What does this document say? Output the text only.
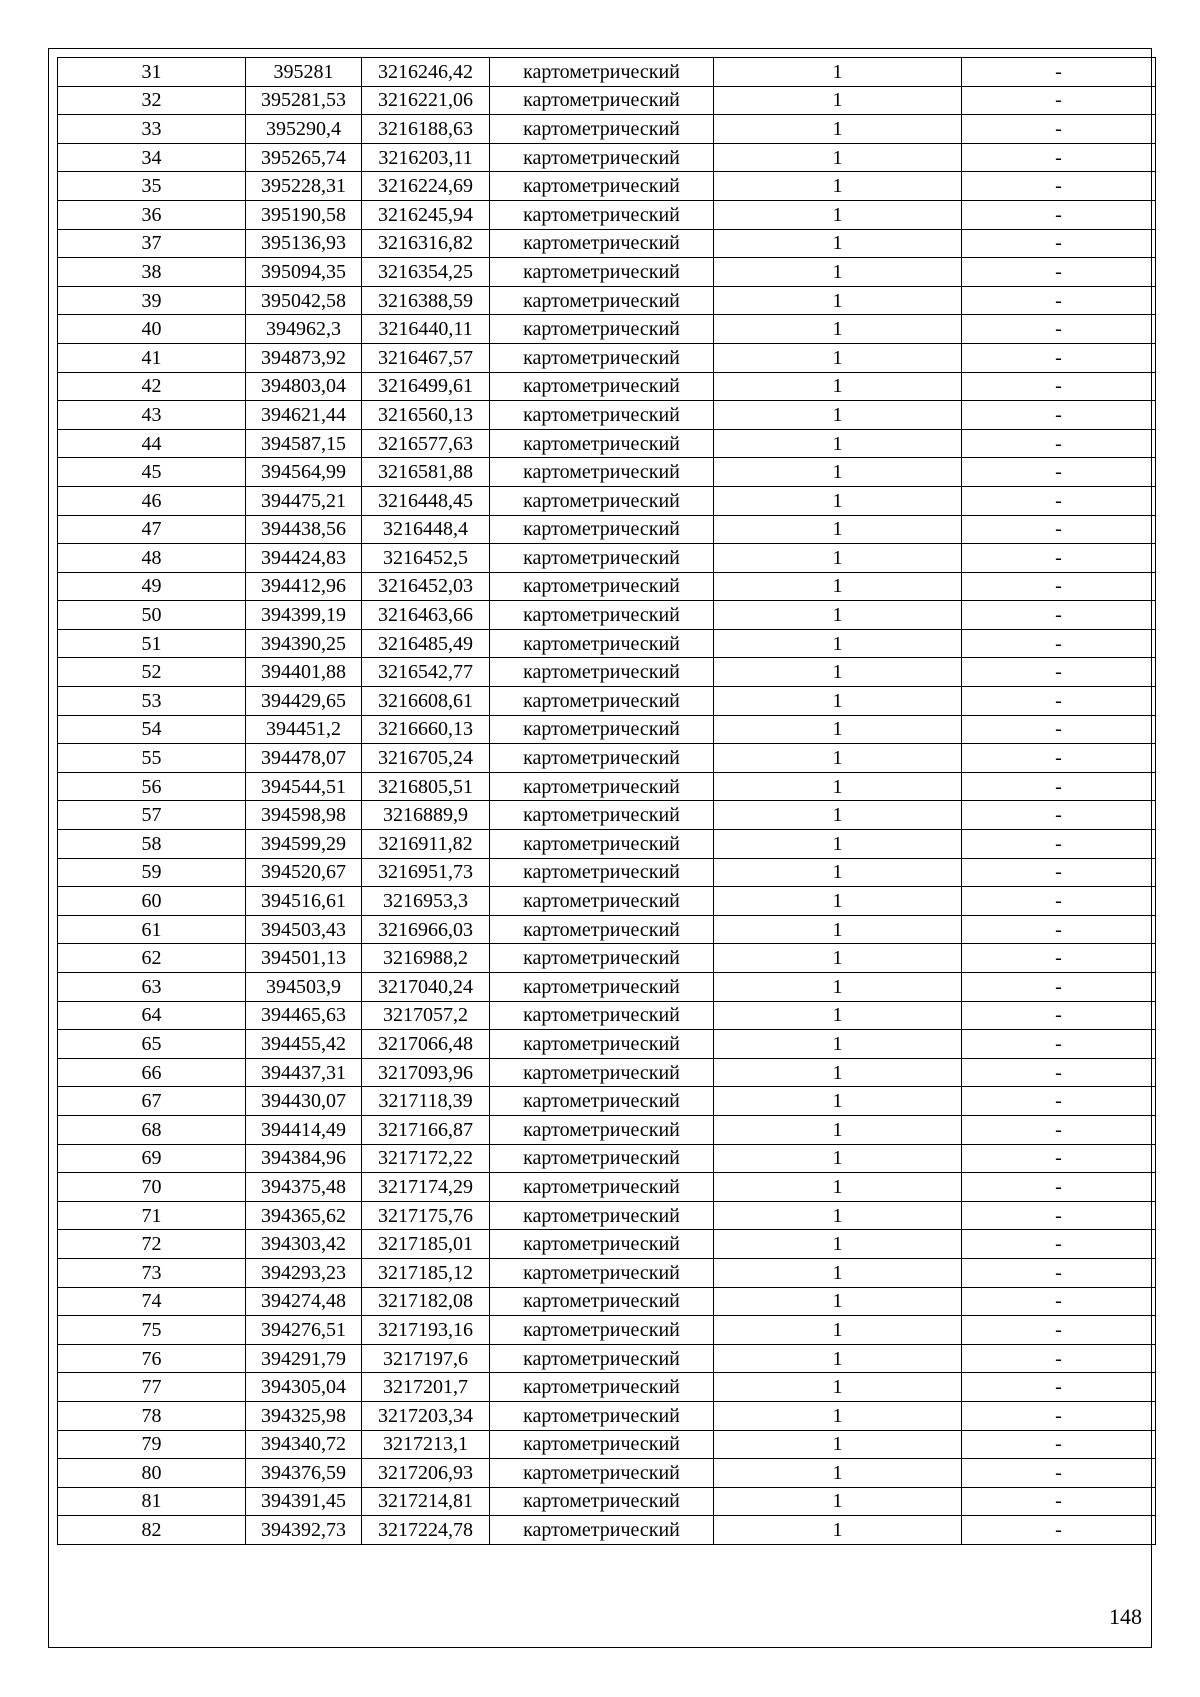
31	395281	3216246,42	картометрический	1	-
32	395281,53	3216221,06	картометрический	1	-
33	395290,4	3216188,63	картометрический	1	-
34	395265,74	3216203,11	картометрический	1	-
35	395228,31	3216224,69	картометрический	1	-
36	395190,58	3216245,94	картометрический	1	-
37	395136,93	3216316,82	картометрический	1	-
38	395094,35	3216354,25	картометрический	1	-
39	395042,58	3216388,59	картометрический	1	-
40	394962,3	3216440,11	картометрический	1	-
41	394873,92	3216467,57	картометрический	1	-
42	394803,04	3216499,61	картометрический	1	-
43	394621,44	3216560,13	картометрический	1	-
44	394587,15	3216577,63	картометрический	1	-
45	394564,99	3216581,88	картометрический	1	-
46	394475,21	3216448,45	картометрический	1	-
47	394438,56	3216448,4	картометрический	1	-
48	394424,83	3216452,5	картометрический	1	-
49	394412,96	3216452,03	картометрический	1	-
50	394399,19	3216463,66	картометрический	1	-
51	394390,25	3216485,49	картометрический	1	-
52	394401,88	3216542,77	картометрический	1	-
53	394429,65	3216608,61	картометрический	1	-
54	394451,2	3216660,13	картометрический	1	-
55	394478,07	3216705,24	картометрический	1	-
56	394544,51	3216805,51	картометрический	1	-
57	394598,98	3216889,9	картометрический	1	-
58	394599,29	3216911,82	картометрический	1	-
59	394520,67	3216951,73	картометрический	1	-
60	394516,61	3216953,3	картометрический	1	-
61	394503,43	3216966,03	картометрический	1	-
62	394501,13	3216988,2	картометрический	1	-
63	394503,9	3217040,24	картометрический	1	-
64	394465,63	3217057,2	картометрический	1	-
65	394455,42	3217066,48	картометрический	1	-
66	394437,31	3217093,96	картометрический	1	-
67	394430,07	3217118,39	картометрический	1	-
68	394414,49	3217166,87	картометрический	1	-
69	394384,96	3217172,22	картометрический	1	-
70	394375,48	3217174,29	картометрический	1	-
71	394365,62	3217175,76	картометрический	1	-
72	394303,42	3217185,01	картометрический	1	-
73	394293,23	3217185,12	картометрический	1	-
74	394274,48	3217182,08	картометрический	1	-
75	394276,51	3217193,16	картометрический	1	-
76	394291,79	3217197,6	картометрический	1	-
77	394305,04	3217201,7	картометрический	1	-
78	394325,98	3217203,34	картометрический	1	-
79	394340,72	3217213,1	картометрический	1	-
80	394376,59	3217206,93	картометрический	1	-
81	394391,45	3217214,81	картометрический	1	-
82	394392,73	3217224,78	картометрический	1	-
148
